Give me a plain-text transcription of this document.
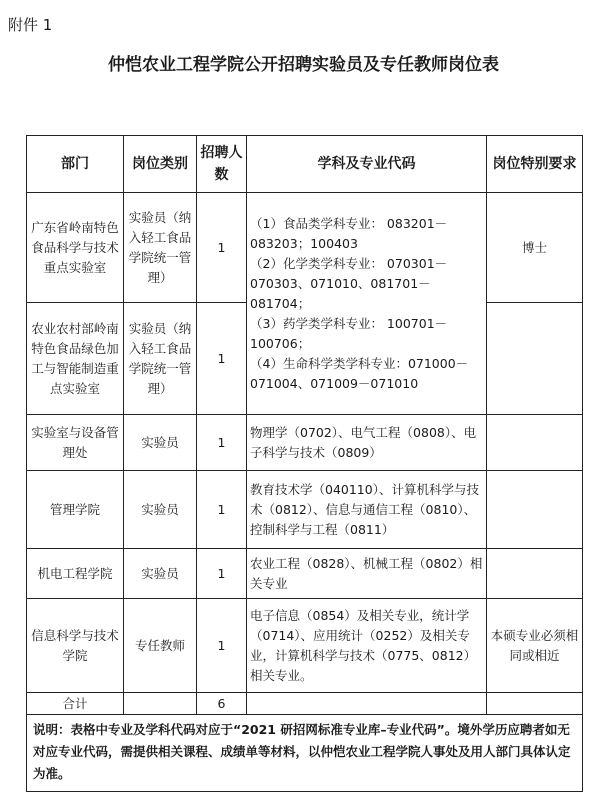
附件 1
仲恺农业工程学院公开招聘实验员及专任教师岗位表
部门	岗位类别	招聘人数	学科及专业代码	岗位特别要求
广东省岭南特色食品科学与技术重点实验室	实验员（纳入轻工食品学院统一管理）	1	（1）食品类学科专业： 083201－083203；100403
（2）化学类学科专业： 070301－070303、071010、081701－081704；
（3）药学类学科专业： 100701－100706；
（4）生命科学类学科专业：071000－071004、071009－071010	博士
农业农村部岭南特色食品绿色加工与智能制造重点实验室	实验员（纳入轻工食品学院统一管理）	1		
实验室与设备管理处	实验员	1	物理学（0702）、电气工程（0808）、电子科学与技术（0809）	
管理学院	实验员	1	教育技术学（040110）、计算机科学与技术（0812）、信息与通信工程（0810）、控制科学与工程（0811）	
机电工程学院	实验员	1	农业工程（0828）、机械工程（0802）相关专业	
信息科学与技术学院	专任教师	1	电子信息（0854）及相关专业，统计学（0714）、应用统计（0252）及相关专业，计算机科学与技术（0775、0812）相关专业。	本硕专业必须相同或相近
合计		6		
说明：表格中专业及学科代码对应于“2021 研招网标准专业库–专业代码”。境外学历应聘者如无对应专业代码，需提供相关课程、成绩单等材料，以仲恺农业工程学院人事处及用人部门具体认定为准。				
